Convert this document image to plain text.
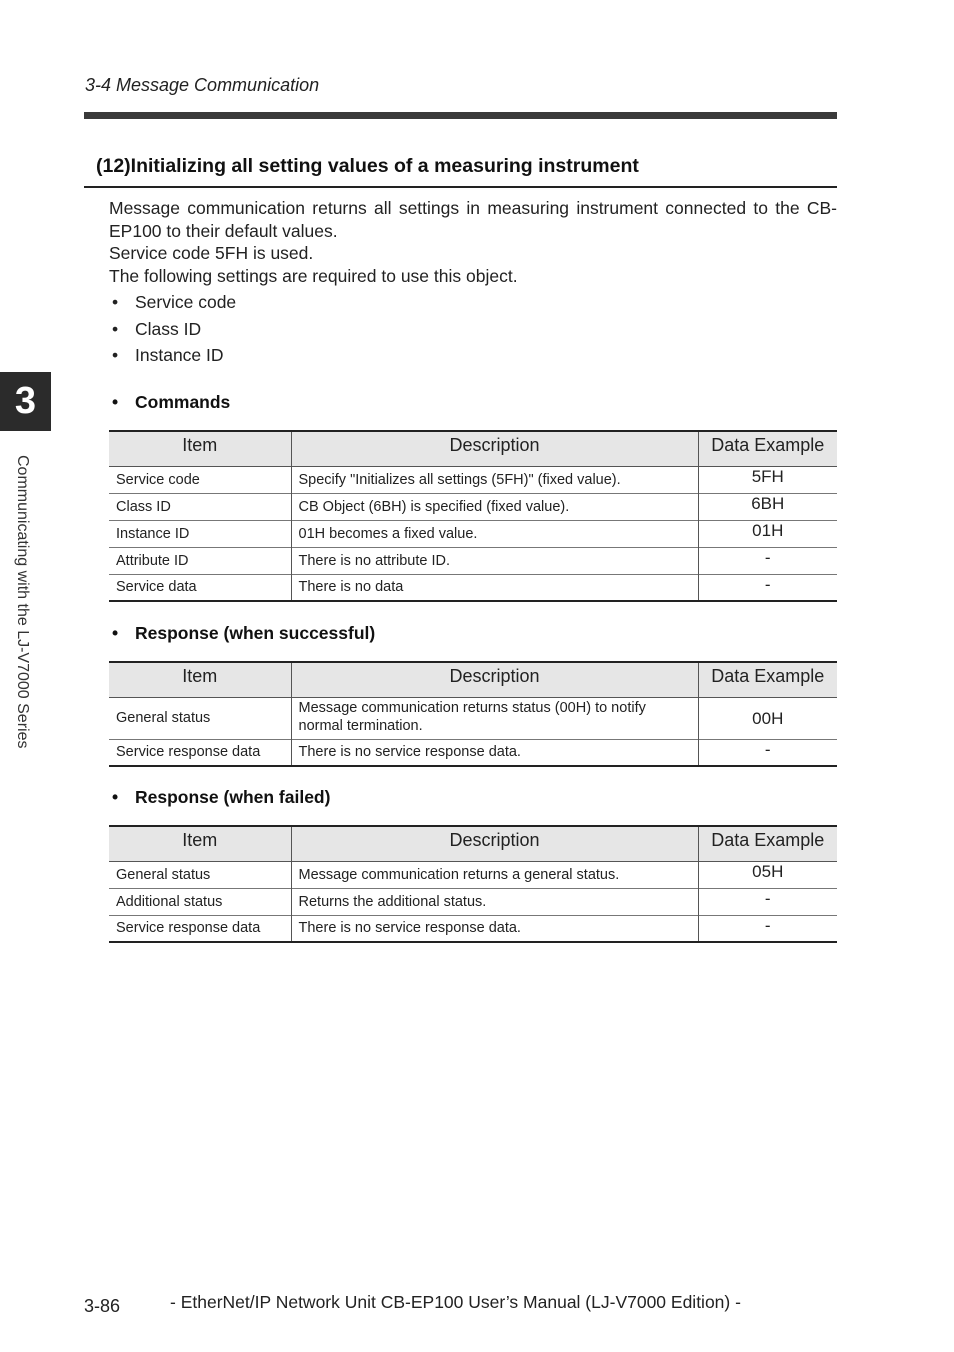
3-4 Message Communication
(12)Initializing all setting values of a measuring instrument

Message communication returns all settings in measuring instrument connected to the CB-EP100 to their default values.

Service code 5FH is used.

The following settings are required to use this object.

• Service code
• Class ID
• Instance ID
• Commands
Item	Description	Data Example
Service code	Specify "Initializes all settings (5FH)" (fixed value).	5FH
Class ID	CB Object (6BH) is specified (fixed value).	6BH
Instance ID	01H becomes a fixed value.	01H
Attribute ID	There is no attribute ID.	-
Service data	There is no data	-
• Response (when successful)
Item	Description	Data Example
General status	Message communication returns status (00H) to notify normal termination.	00H
Service response data	There is no service response data.	-
• Response (when failed)
Item	Description	Data Example
General status	Message communication returns a general status.	05H
Additional status	Returns the additional status.	-
Service response data	There is no service response data.	-
3
Communicating with the LJ-V7000 Series
3-86	- EtherNet/IP Network Unit CB-EP100 User’s Manual (LJ-V7000 Edition) -
